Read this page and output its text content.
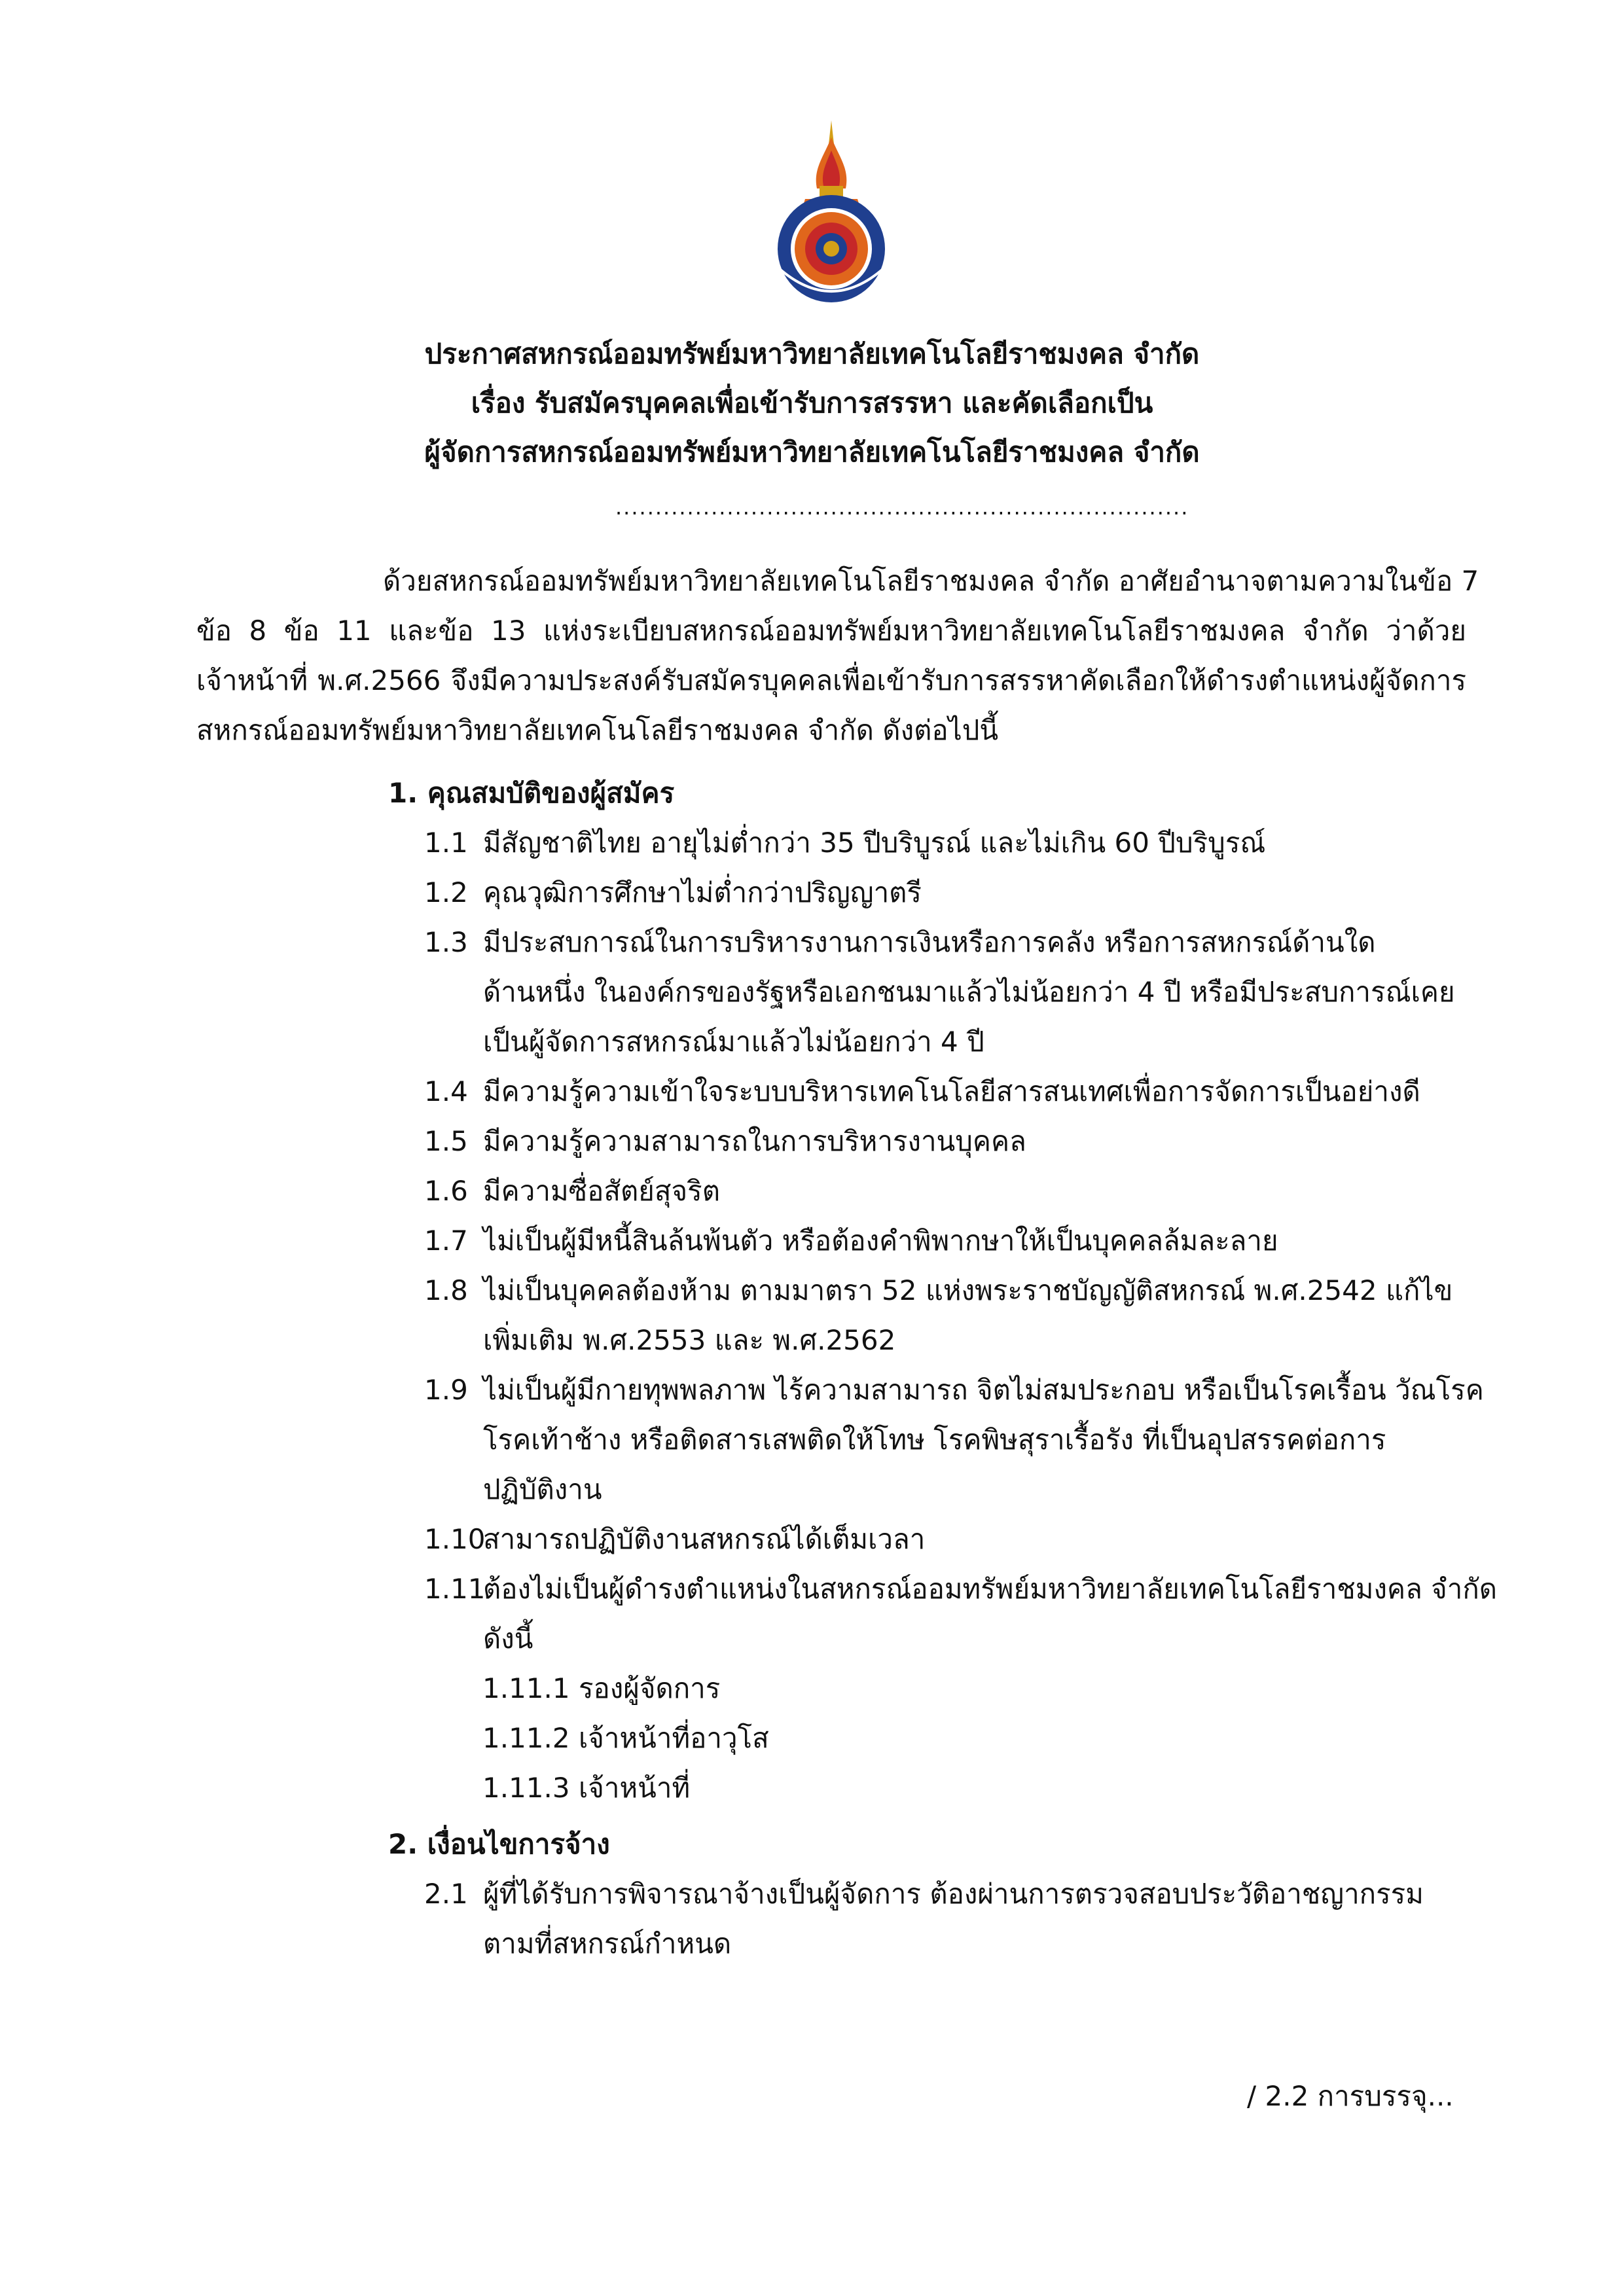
ประกาศสหกรณ์ออมทรัพย์มหาวิทยาลัยเทคโนโลยีราชมงคล จำกัด
เรื่อง รับสมัครบุคคลเพื่อเข้ารับการสรรหา และคัดเลือกเป็น
ผู้จัดการสหกรณ์ออมทรัพย์มหาวิทยาลัยเทคโนโลยีราชมงคล จำกัด
........................................................................
ด้วยสหกรณ์ออมทรัพย์มหาวิทยาลัยเทคโนโลยีราชมงคล จำกัด อาศัยอำนาจตามความในข้อ 7
ข้อ 8 ข้อ 11 และข้อ 13 แห่งระเบียบสหกรณ์ออมทรัพย์มหาวิทยาลัยเทคโนโลยีราชมงคล จำกัด ว่าด้วย
เจ้าหน้าที่ พ.ศ.2566 จึงมีความประสงค์รับสมัครบุคคลเพื่อเข้ารับการสรรหาคัดเลือกให้ดำรงตำแหน่งผู้จัดการ
สหกรณ์ออมทรัพย์มหาวิทยาลัยเทคโนโลยีราชมงคล จำกัด ดังต่อไปนี้
1. คุณสมบัติของผู้สมัคร
1.1 มีสัญชาติไทย อายุไม่ต่ำกว่า 35 ปีบริบูรณ์ และไม่เกิน 60 ปีบริบูรณ์
1.2 คุณวุฒิการศึกษาไม่ต่ำกว่าปริญญาตรี
1.3 มีประสบการณ์ในการบริหารงานการเงินหรือการคลัง หรือการสหกรณ์ด้านใด
ด้านหนึ่ง ในองค์กรของรัฐหรือเอกชนมาแล้วไม่น้อยกว่า 4 ปี หรือมีประสบการณ์เคย
เป็นผู้จัดการสหกรณ์มาแล้วไม่น้อยกว่า 4 ปี
1.4 มีความรู้ความเข้าใจระบบบริหารเทคโนโลยีสารสนเทศเพื่อการจัดการเป็นอย่างดี
1.5 มีความรู้ความสามารถในการบริหารงานบุคคล
1.6 มีความซื่อสัตย์สุจริต
1.7 ไม่เป็นผู้มีหนี้สินล้นพ้นตัว หรือต้องคำพิพากษาให้เป็นบุคคลล้มละลาย
1.8 ไม่เป็นบุคคลต้องห้าม ตามมาตรา 52 แห่งพระราชบัญญัติสหกรณ์ พ.ศ.2542 แก้ไข
เพิ่มเติม พ.ศ.2553 และ พ.ศ.2562
1.9 ไม่เป็นผู้มีกายทุพพลภาพ ไร้ความสามารถ จิตไม่สมประกอบ หรือเป็นโรคเรื้อน วัณโรค
โรคเท้าช้าง หรือติดสารเสพติดให้โทษ โรคพิษสุราเรื้อรัง ที่เป็นอุปสรรคต่อการ
ปฏิบัติงาน
1.10
สามารถปฏิบัติงานสหกรณ์ได้เต็มเวลา
1.11
ต้องไม่เป็นผู้ดำรงตำแหน่งในสหกรณ์ออมทรัพย์มหาวิทยาลัยเทคโนโลยีราชมงคล จำกัด
ดังนี้
1.11.1 รองผู้จัดการ
1.11.2 เจ้าหน้าที่อาวุโส
1.11.3 เจ้าหน้าที่
2. เงื่อนไขการจ้าง
2.1 ผู้ที่ได้รับการพิจารณาจ้างเป็นผู้จัดการ ต้องผ่านการตรวจสอบประวัติอาชญากรรม
ตามที่สหกรณ์กำหนด
/ 2.2 การบรรจุ...
